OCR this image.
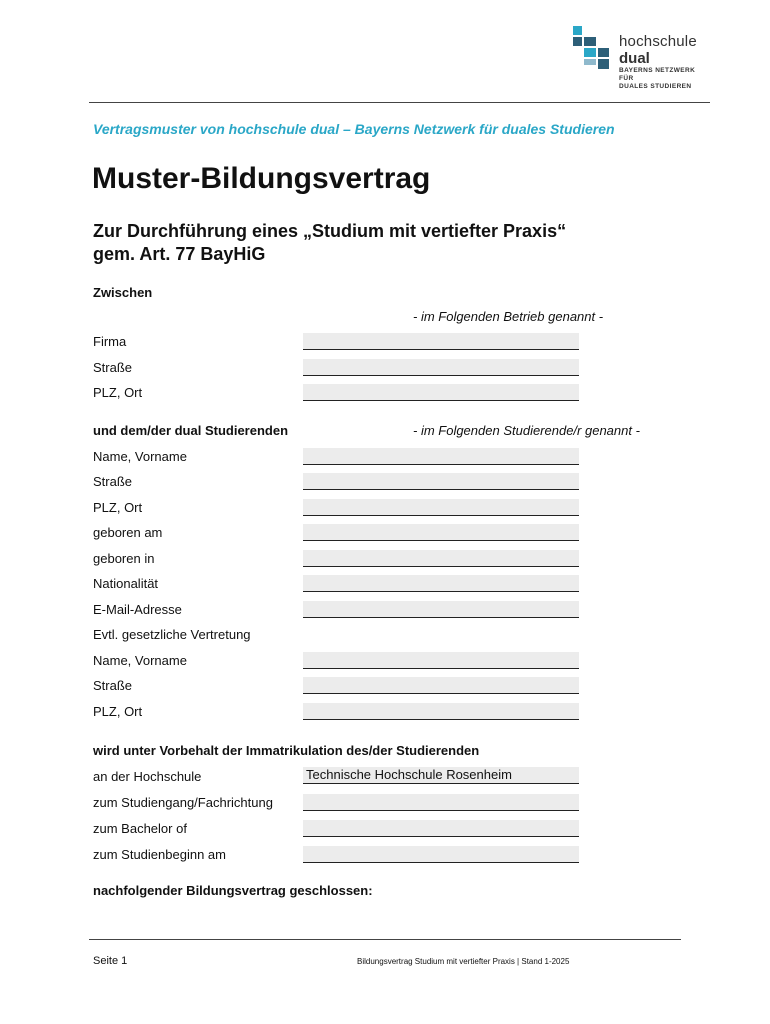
hochschule
dual
BAYERNS NETZWERK FÜR
DUALES STUDIEREN
Vertragsmuster von hochschule dual – Bayerns Netzwerk für duales Studieren
Muster-Bildungsvertrag
Zur Durchführung eines „Studium mit vertiefter Praxis“
gem. Art. 77 BayHiG
Zwischen
- im Folgenden Betrieb genannt -
Firma
Straße
PLZ, Ort
und dem/der dual Studierenden	- im Folgenden Studierende/r genannt -
Name, Vorname
Straße
PLZ, Ort
geboren am
geboren in
Nationalität
E-Mail-Adresse
Evtl. gesetzliche Vertretung
Name, Vorname
Straße
PLZ, Ort
wird unter Vorbehalt der Immatrikulation des/der Studierenden
an der Hochschule	Technische Hochschule Rosenheim
zum Studiengang/Fachrichtung
zum Bachelor of
zum Studienbeginn am
nachfolgender Bildungsvertrag geschlossen:
Seite 1	Bildungsvertrag Studium mit vertiefter Praxis | Stand 1-2025
